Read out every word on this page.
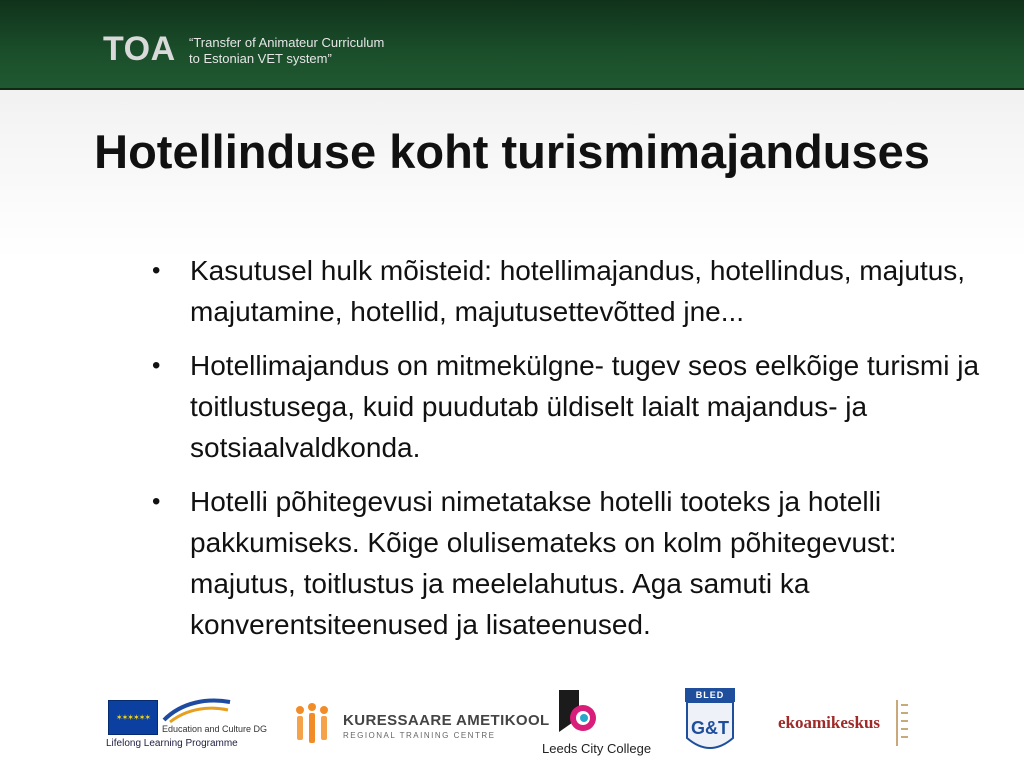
TOA “Transfer of Animateur Curriculum
to Estonian VET system”
Hotellinduse koht turismimajanduses
• Kasutusel hulk mõisteid: hotellimajandus, hotellindus, majutus, majutamine, hotellid, majutusettevõtted jne...
• Hotellimajandus on mitmekülgne- tugev seos eelkõige turismi ja toitlustusega, kuid puudutab üldiselt laialt majandus- ja sotsiaalvaldkonda.
• Hotelli põhitegevusi nimetatakse hotelli tooteks ja hotelli pakkumiseks. Kõige olulisemateks on kolm põhitegevust: majutus, toitlustus ja meelelahutus. Aga samuti ka konverentsiteenused ja lisateenused.
✶✶✶✶✶✶
Education and Culture DG
Lifelong Learning Programme
KURESSAARE AMETIKOOL
REGIONAL TRAINING CENTRE
Leeds City College
G&T
BLED
ekoamikeskus
